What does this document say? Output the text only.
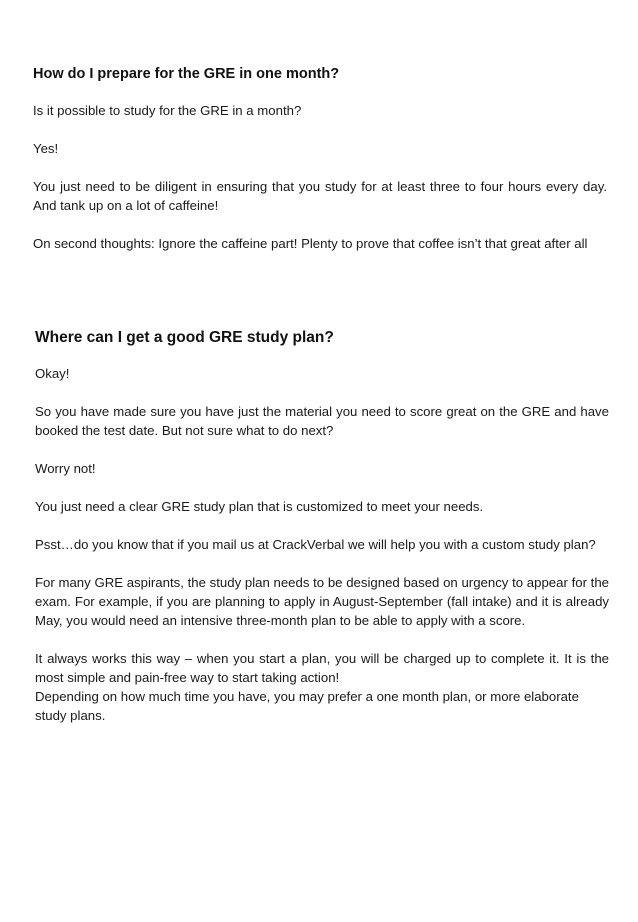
How do I prepare for the GRE in one month?

Is it possible to study for the GRE in a month?

Yes!

You just need to be diligent in ensuring that you study for at least three to four hours every day. And tank up on a lot of caffeine!

On second thoughts: Ignore the caffeine part! Plenty to prove that coffee isn’t that great after all

Where can I get a good GRE study plan?

Okay!

So you have made sure you have just the material you need to score great on the GRE and have booked the test date. But not sure what to do next?

Worry not!

You just need a clear GRE study plan that is customized to meet your needs.

Psst…do you know that if you mail us at CrackVerbal we will help you with a custom study plan?

For many GRE aspirants, the study plan needs to be designed based on urgency to appear for the exam. For example, if you are planning to apply in August-September (fall intake) and it is already May, you would need an intensive three-month plan to be able to apply with a score.

It always works this way – when you start a plan, you will be charged up to complete it. It is the most simple and pain-free way to start taking action!

Depending on how much time you have, you may prefer a one month plan, or more elaborate study plans.
